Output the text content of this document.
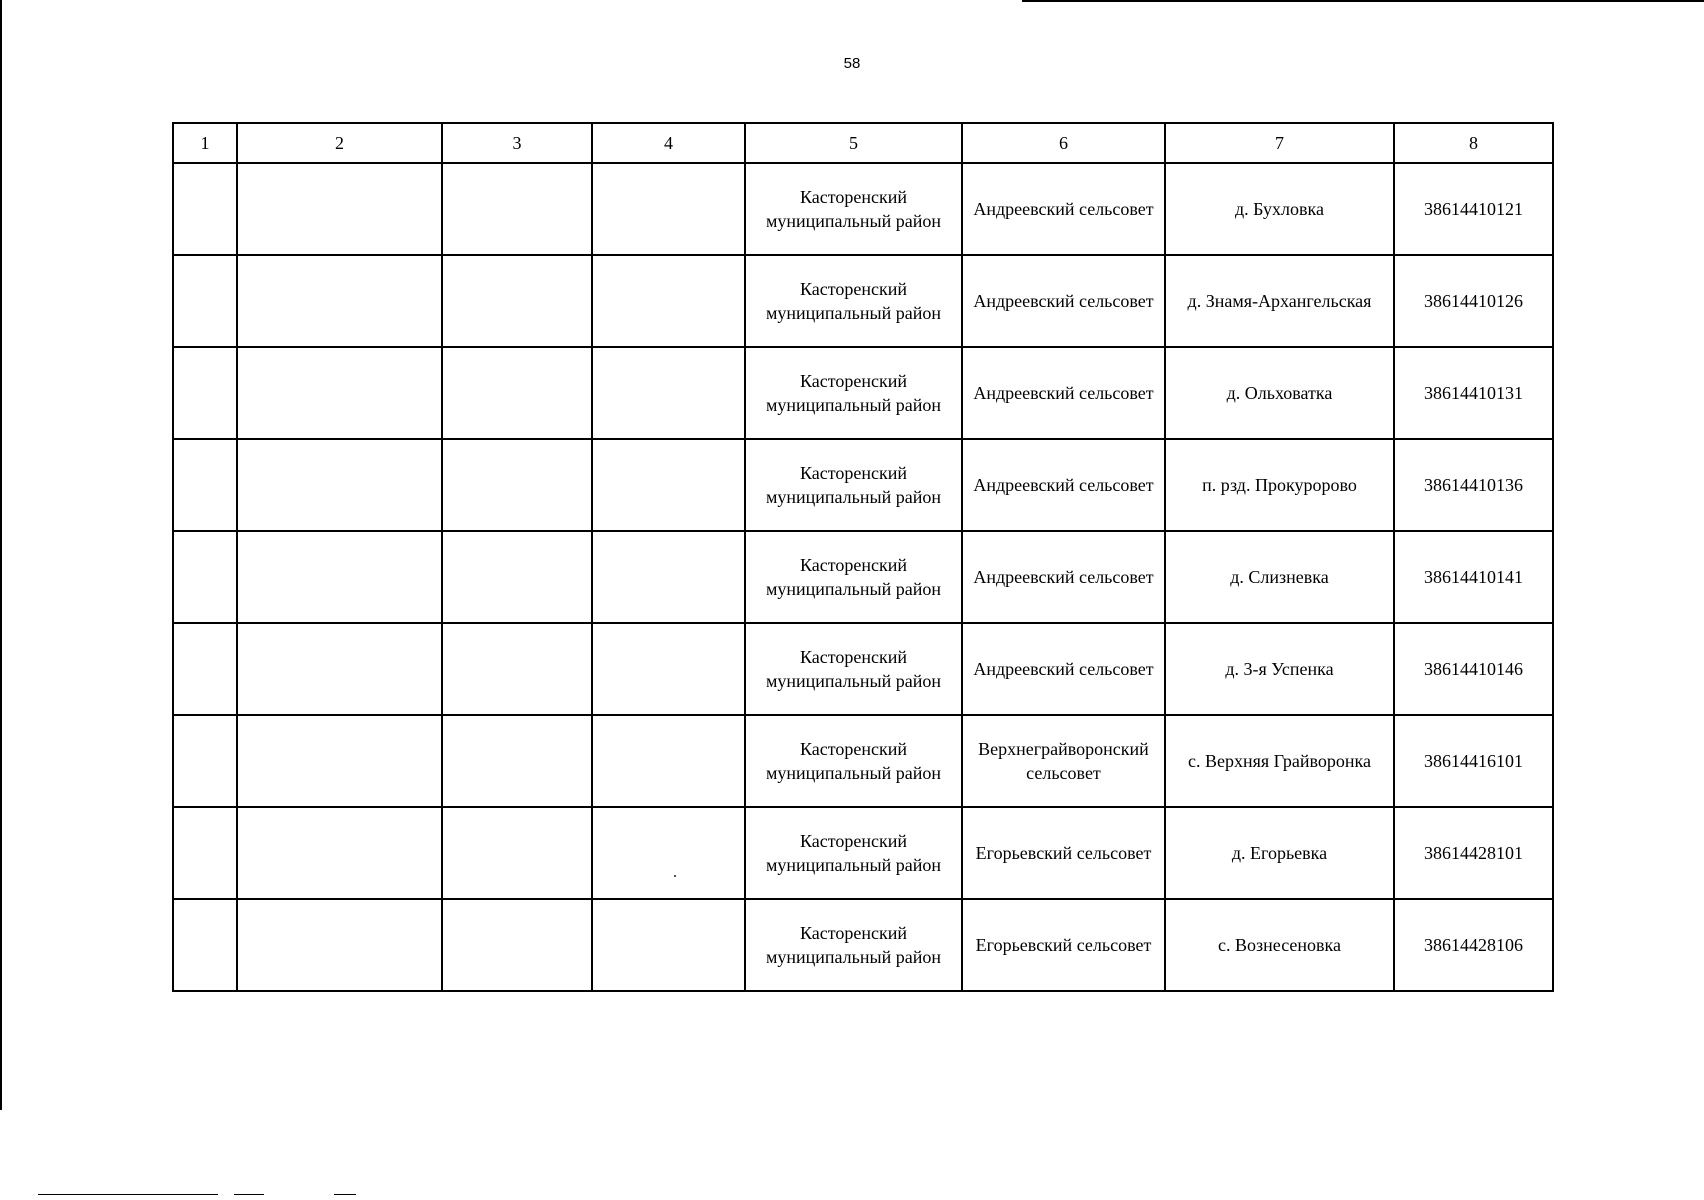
58
1	2	3	4	5	6	7	8
				Касторенский муниципальный район	Андреевский сельсовет	д. Бухловка	38614410121
				Касторенский муниципальный район	Андреевский сельсовет	д. Знамя-Архангельская	38614410126
				Касторенский муниципальный район	Андреевский сельсовет	д. Ольховатка	38614410131
				Касторенский муниципальный район	Андреевский сельсовет	п. рзд. Прокуророво	38614410136
				Касторенский муниципальный район	Андреевский сельсовет	д. Слизневка	38614410141
				Касторенский муниципальный район	Андреевский сельсовет	д. 3-я Успенка	38614410146
				Касторенский муниципальный район	Верхнеграйворонский сельсовет	с. Верхняя Грайворонка	38614416101
				Касторенский муниципальный район	Егорьевский сельсовет	д. Егорьевка	38614428101
				Касторенский муниципальный район	Егорьевский сельсовет	с. Вознесеновка	38614428106
